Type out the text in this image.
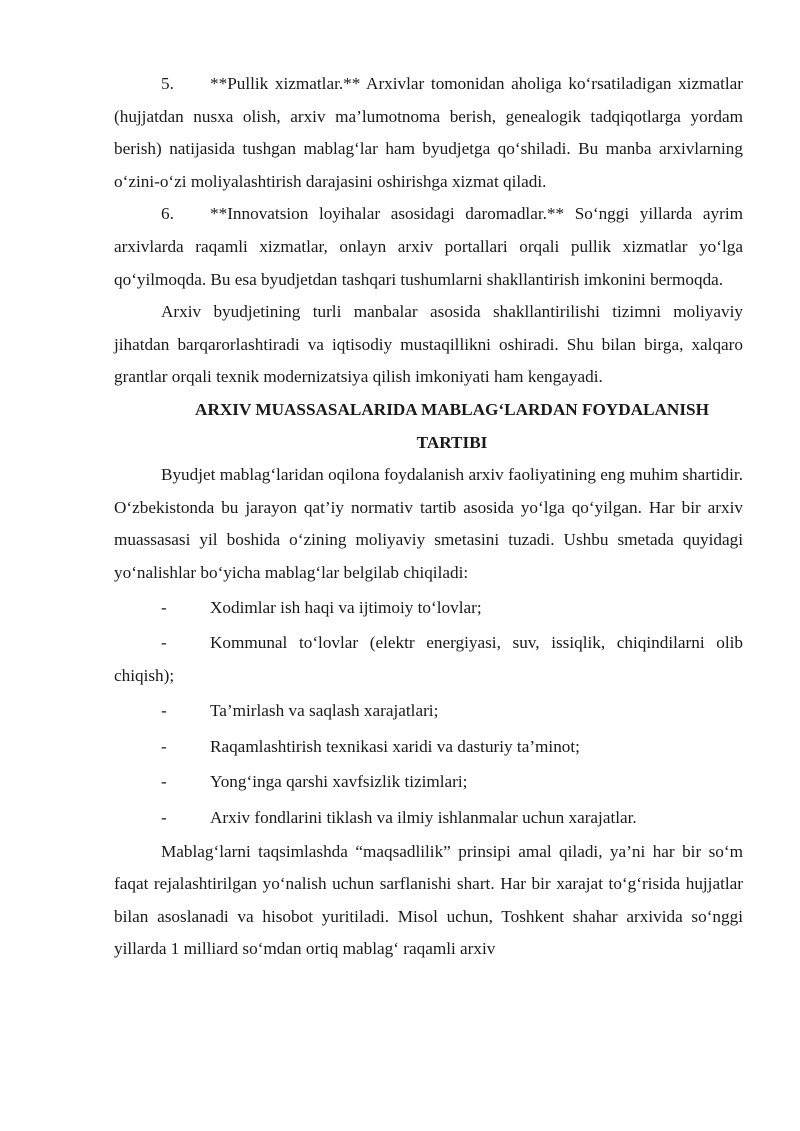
5. **Pullik xizmatlar.** Arxivlar tomonidan aholiga ko‘rsatiladigan xizmatlar (hujjatdan nusxa olish, arxiv ma’lumotnoma berish, genealogik tadqiqotlarga yordam berish) natijasida tushgan mablag‘lar ham byudjetga qo‘shiladi. Bu manba arxivlarning o‘zini-o‘zi moliyalashtirish darajasini oshirishga xizmat qiladi.

6. **Innovatsion loyihalar asosidagi daromadlar.** So‘nggi yillarda ayrim arxivlarda raqamli xizmatlar, onlayn arxiv portallari orqali pullik xizmatlar yo‘lga qo‘yilmoqda. Bu esa byudjetdan tashqari tushumlarni shakllantirish imkonini bermoqda.

Arxiv byudjetining turli manbalar asosida shakllantirilishi tizimni moliyaviy jihatdan barqarorlashtiradi va iqtisodiy mustaqillikni oshiradi. Shu bilan birga, xalqaro grantlar orqali texnik modernizatsiya qilish imkoniyati ham kengayadi.

ARXIV MUASSASALARIDA MABLAG‘LARDAN FOYDALANISH TARTIBI

Byudjet mablag‘laridan oqilona foydalanish arxiv faoliyatining eng muhim shartidir. O‘zbekistonda bu jarayon qat’iy normativ tartib asosida yo‘lga qo‘yilgan. Har bir arxiv muassasasi yil boshida o‘zining moliyaviy smetasini tuzadi. Ushbu smetada quyidagi yo‘nalishlar bo‘yicha mablag‘lar belgilab chiqiladi:

-	Xodimlar ish haqi va ijtimoiy to‘lovlar;

-	Kommunal to‘lovlar (elektr energiyasi, suv, issiqlik, chiqindilarni olib chiqish);

-	Ta’mirlash va saqlash xarajatlari;

-	Raqamlashtirish texnikasi xaridi va dasturiy ta’minot;

-	Yong‘inga qarshi xavfsizlik tizimlari;

-	Arxiv fondlarini tiklash va ilmiy ishlanmalar uchun xarajatlar.

Mablag‘larni taqsimlashda “maqsadlilik” prinsipi amal qiladi, ya’ni har bir so‘m faqat rejalashtirilgan yo‘nalish uchun sarflanishi shart. Har bir xarajat to‘g‘risida hujjatlar bilan asoslanadi va hisobot yuritiladi. Misol uchun, Toshkent shahar arxivida so‘nggi yillarda 1 milliard so‘mdan ortiq mablag‘ raqamli arxiv
